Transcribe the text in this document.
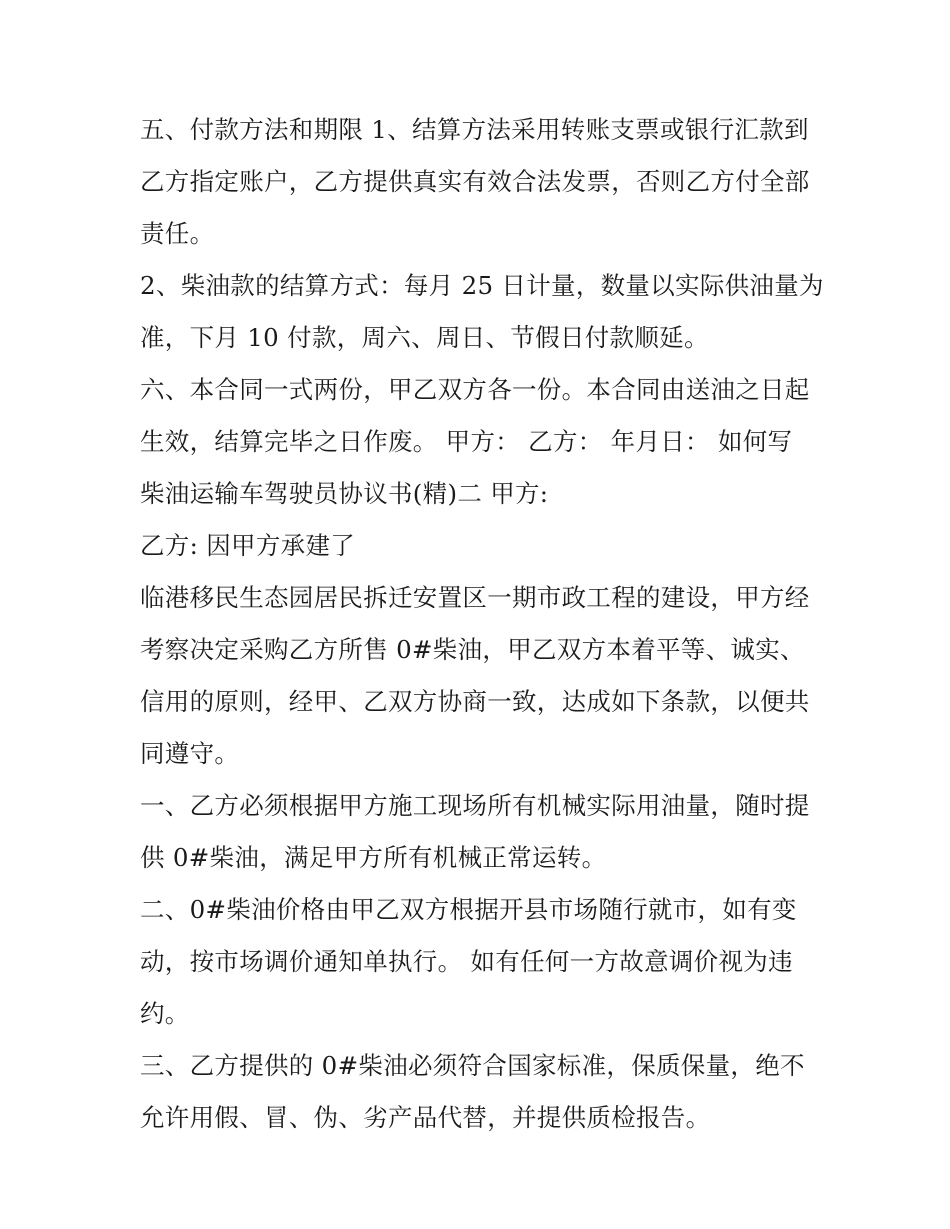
五、付款方法和期限 1、结算方法采用转账支票或银行汇款到
乙方指定账户，乙方提供真实有效合法发票，否则乙方付全部
责任。

2、柴油款的结算方式：每月 25 日计量，数量以实际供油量为
准，下月 10 付款，周六、周日、节假日付款顺延。

六、本合同一式两份，甲乙双方各一份。本合同由送油之日起
生效，结算完毕之日作废。 甲方： 乙方： 年月日： 如何写
柴油运输车驾驶员协议书(精)二 甲方:

乙方: 因甲方承建了

临港移民生态园居民拆迁安置区一期市政工程的建设，甲方经
考察决定采购乙方所售 0#柴油，甲乙双方本着平等、诚实、
信用的原则，经甲、乙双方协商一致，达成如下条款，以便共
同遵守。

一、乙方必须根据甲方施工现场所有机械实际用油量，随时提
供 0#柴油，满足甲方所有机械正常运转。

二、0#柴油价格由甲乙双方根据开县市场随行就市，如有变
动，按市场调价通知单执行。 如有任何一方故意调价视为违
约。

三、乙方提供的 0#柴油必须符合国家标准，保质保量，绝不
允许用假、冒、伪、劣产品代替，并提供质检报告。
